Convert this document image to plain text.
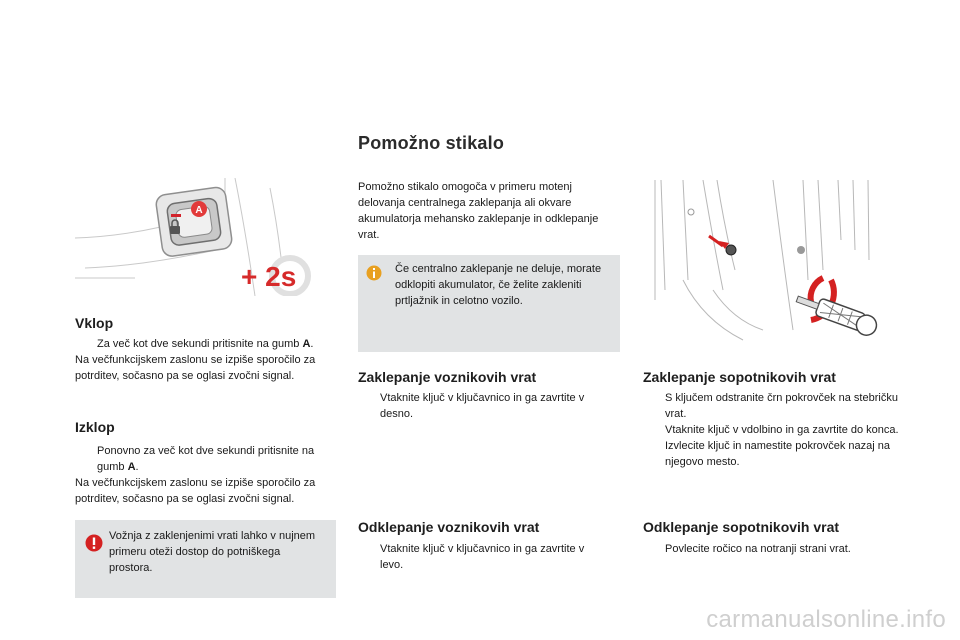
Pomožno stikalo
A
+ 2s
Vklop
Za več kot dve sekundi pritisnite na gumb A.

Na večfunkcijskem zaslonu se izpiše sporočilo za potrditev, sočasno pa se oglasi zvočni signal.

Izklop
Ponovno za več kot dve sekundi pritisnite na gumb A.

Na večfunkcijskem zaslonu se izpiše sporočilo za potrditev, sočasno pa se oglasi zvočni signal.

Vožnja z zaklenjenimi vrati lahko v nujnem primeru oteži dostop do potniškega prostora.

Pomožno stikalo omogoča v primeru motenj delovanja centralnega zaklepanja ali okvare akumulatorja mehansko zaklepanje in odklepanje vrat.

Če centralno zaklepanje ne deluje, morate odklopiti akumulator, če želite zakleniti prtljažnik in celotno vozilo.

Zaklepanje voznikovih vrat
Vtaknite ključ v ključavnico in ga zavrtite v desno.
Odklepanje voznikovih vrat
Vtaknite ključ v ključavnico in ga zavrtite v levo.
Zaklepanje sopotnikovih vrat
S ključem odstranite črn pokrovček na stebričku vrat.
Vtaknite ključ v vdolbino in ga zavrtite do konca.
Izvlecite ključ in namestite pokrovček nazaj na njegovo mesto.
Odklepanje sopotnikovih vrat
Povlecite ročico na notranji strani vrat.
carmanualsonline.info
